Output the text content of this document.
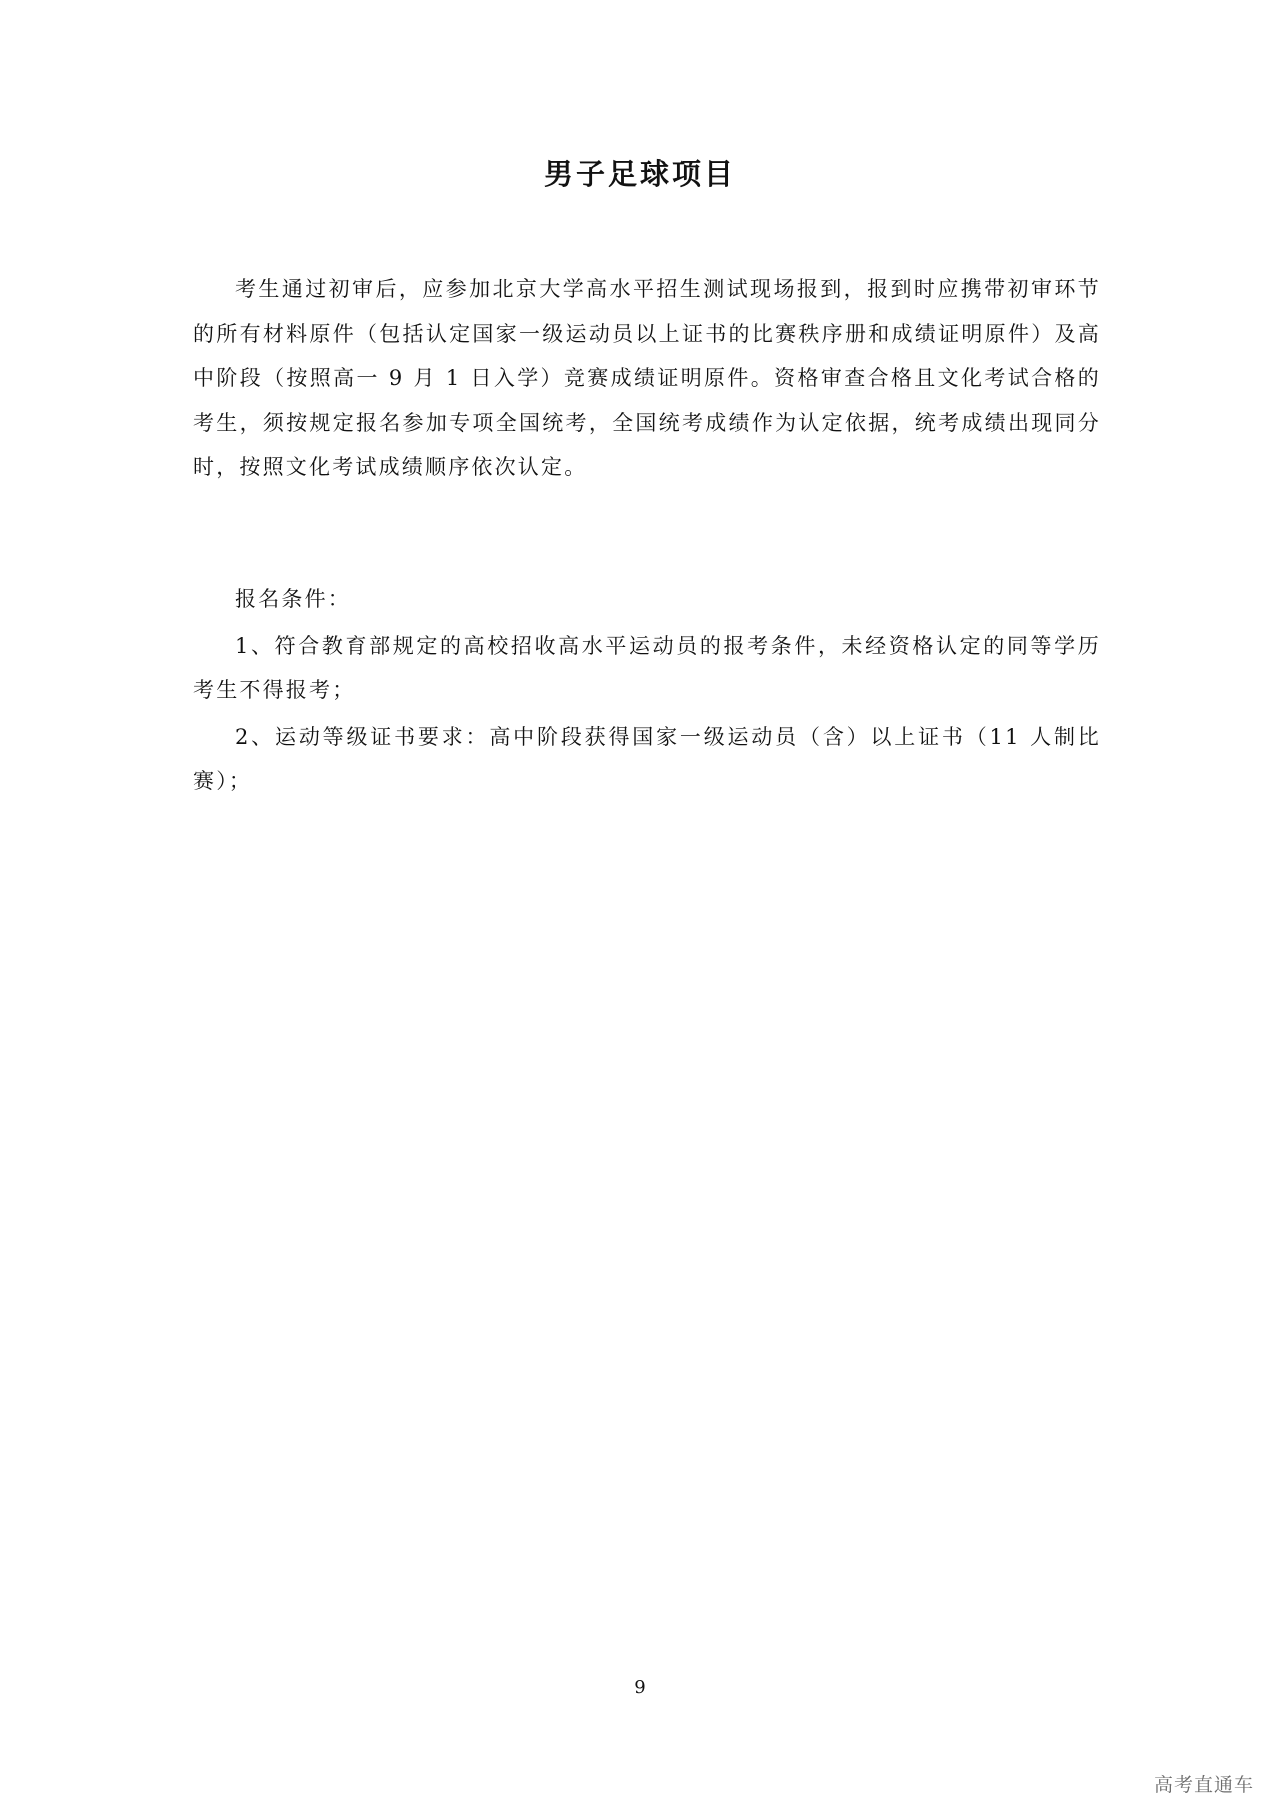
男子足球项目

考生通过初审后，应参加北京大学高水平招生测试现场报到，报到时应携带初审环节的所有材料原件（包括认定国家一级运动员以上证书的比赛秩序册和成绩证明原件）及高中阶段（按照高一 9 月 1 日入学）竞赛成绩证明原件。资格审查合格且文化考试合格的考生，须按规定报名参加专项全国统考，全国统考成绩作为认定依据，统考成绩出现同分时，按照文化考试成绩顺序依次认定。

报名条件：

1、符合教育部规定的高校招收高水平运动员的报考条件，未经资格认定的同等学历考生不得报考；

2、运动等级证书要求：高中阶段获得国家一级运动员（含）以上证书（11 人制比赛）；

9
高考直通车
